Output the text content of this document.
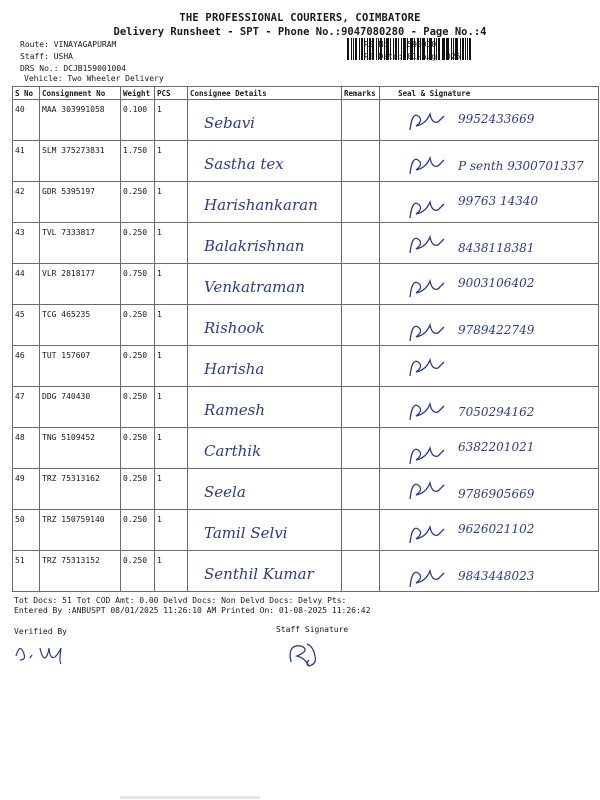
THE PROFESSIONAL COURIERS, COIMBATORE
Delivery Runsheet - SPT - Phone No.:9047080280 - Page No.:4
Route: VINAYAGAPURAM
Staff: USHA
DRS No.: DCJB159001004
Vehicle: Two Wheeler Delivery
RS No.: 1590010
RS Date: 01-Aug-2025
S No	Consignment No	Weight	PCS	Consignee Details	Remarks	Seal & Signature

40	MAA 303991058	0.100	1	Sebavi		9952433669

41	SLM 375273831	1.750	1	Sastha tex		P senth 9300701337

42	GDR 5395197	0.250	1	Harishankaran		99763 14340

43	TVL 7333817	0.250	1	Balakrishnan		8438118381

44	VLR 2818177	0.750	1	Venkatraman		9003106402

45	TCG 465235	0.250	1	Rishook		9789422749

46	TUT 157607	0.250	1	Harisha

47	DDG 740430	0.250	1	Ramesh		7050294162

48	TNG 5109452	0.250	1	Carthik		6382201021

49	TRZ 75313162	0.250	1	Seela		9786905669

50	TRZ 150759140	0.250	1	Tamil Selvi		9626021102

51	TRZ 75313152	0.250	1	Senthil Kumar		9843448023
Tot Docs: 51 Tot COD Amt: 0.00 Delvd Docs: Non Delvd Docs: Delvy Pts:
Entered By :ANBUSPT 08/01/2025 11:26:10 AM Printed On: 01-08-2025 11:26:42
Verified By	Staff Signature
